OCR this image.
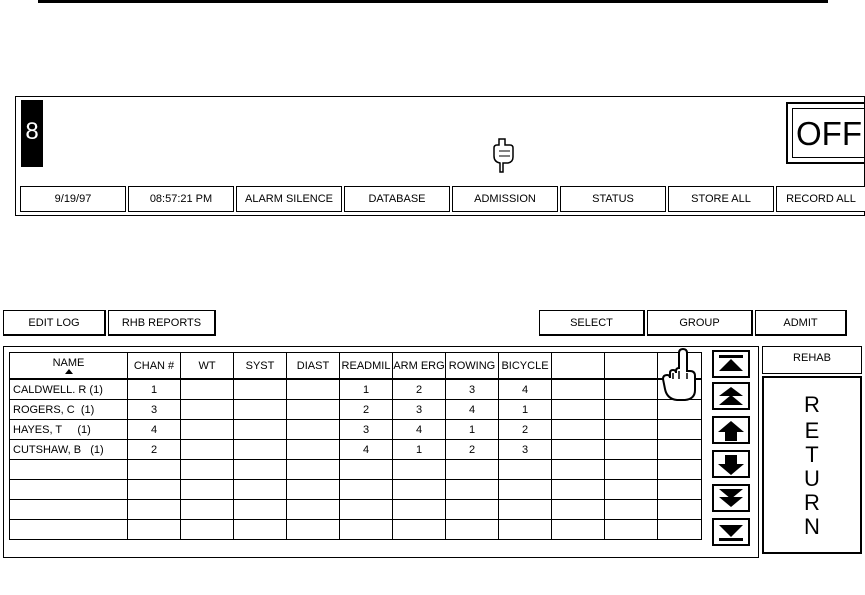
8	OFF
9/19/97	08:57:21 PM	ALARM SILENCE	DATABASE	ADMISSION	STATUS	STORE ALL	RECORD ALL
EDIT LOG	RHB REPORTS	SELECT	GROUP	ADMIT
NAME	CHAN #	WT	SYST	DIAST	READMIL	ARM ERG	ROWING	BICYCLE			
CALDWELL. R (1)	1				1	2	3	4			
ROGERS, C (1)	3				2	3	4	1			
HAYES, T (1)	4				3	4	1	2			
CUTSHAW, B (1)	2				4	1	2	3			

REHAB
R
E
T
U
R
N
